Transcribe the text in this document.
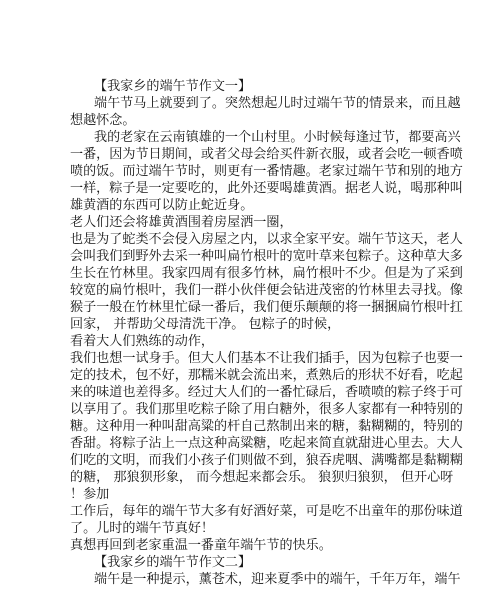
【我家乡的端午节作文一】
端午节马上就要到了。突然想起儿时过端午节的情景来，而且越
想越怀念。
我的老家在云南镇雄的一个山村里。小时候每逢过节，都要高兴
一番，因为节日期间，或者父母会给买件新衣服，或者会吃一顿香喷
喷的饭。而过端午节时，则更有一番情趣。老家过端午节和别的地方
一样，粽子是一定要吃的，此外还要喝雄黄酒。据老人说，喝那种叫
雄黄酒的东西可以防止蛇近身。
老人们还会将雄黄酒围着房屋洒一圈，
也是为了蛇类不会侵入房屋之内，以求全家平安。端午节这天，老人
会叫我们到野外去采一种叫扁竹根叶的宽叶草来包粽子。这种草大多
生长在竹林里。我家四周有很多竹林，扁竹根叶不少。但是为了采到
较宽的扁竹根叶，我们一群小伙伴便会钻进茂密的竹林里去寻找。像
猴子一般在竹林里忙碌一番后，我们便乐颠颠的将一捆捆扁竹根叶扛
回家， 并帮助父母清洗干净。 包粽子的时候，
看着大人们熟练的动作，
我们也想一试身手。但大人们基本不让我们插手，因为包粽子也要一
定的技术，包不好，那糯米就会流出来，煮熟后的形状不好看，吃起
来的味道也差得多。经过大人们的一番忙碌后，香喷喷的粽子终于可
以享用了。我们那里吃粽子除了用白糖外，很多人家都有一种特别的
糖。这种用一种叫甜高粱的杆自己熬制出来的糖，黏糊糊的，特别的
香甜。将粽子沾上一点这种高粱糖，吃起来简直就甜进心里去。大人
们吃的文明，而我们小孩子们则做不到，狼吞虎咽、满嘴都是黏糊糊
的糖， 那狼狈形象， 而今想起来都会乐。 狼狈归狼狈， 但开心呀
！参加
工作后，每年的端午节大多有好酒好菜，可是吃不出童年的那份味道
了。儿时的端午节真好！
真想再回到老家重温一番童年端午节的快乐。
【我家乡的端午节作文二】
端午是一种提示，薰苍术，迎来夏季中的端午，千年万年，端午
